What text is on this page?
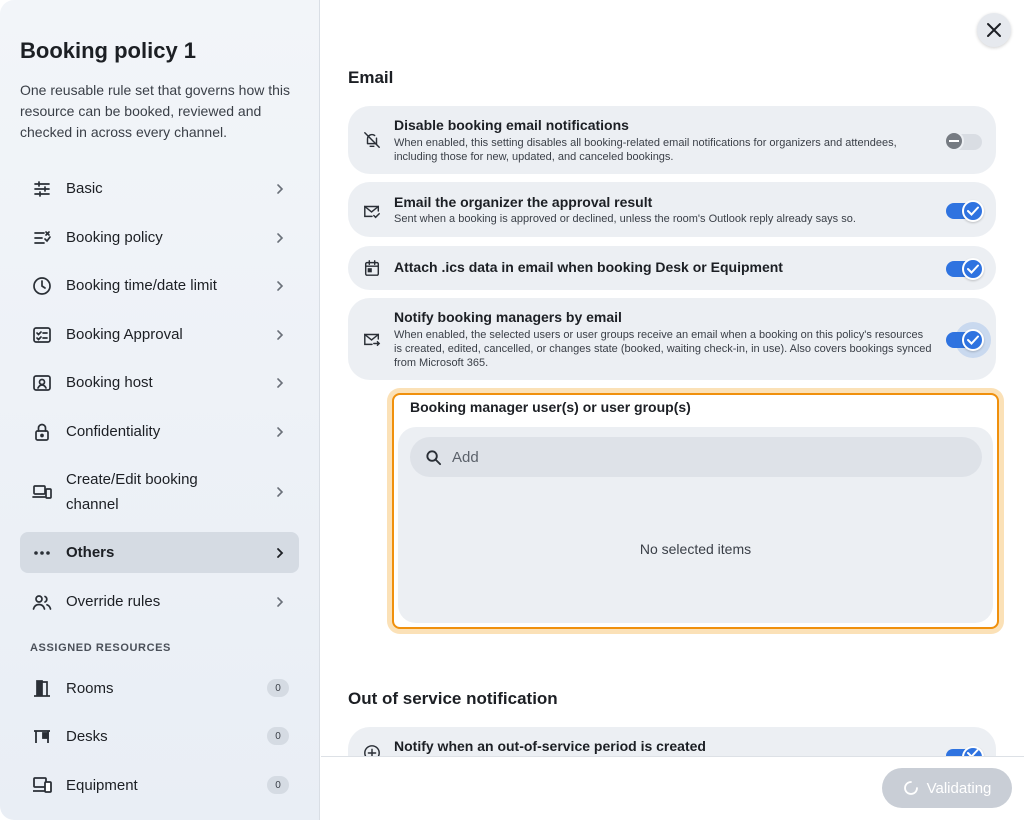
Booking policy 1
One reusable rule set that governs how this resource can be booked, reviewed and checked in across every channel.
Basic
Booking policy
Booking time/date limit
Booking Approval
Booking host
Confidentiality
Create/Edit booking channel
Others
Override rules
ASSIGNED RESOURCES
Rooms	0
Desks	0
Equipment	0
Email
Disable booking email notifications
When enabled, this setting disables all booking-related email notifications for organizers and attendees, including those for new, updated, and canceled bookings.
Email the organizer the approval result
Sent when a booking is approved or declined, unless the room's Outlook reply already says so.
Attach .ics data in email when booking Desk or Equipment
Notify booking managers by email
When enabled, the selected users or user groups receive an email when a booking on this policy's resources is created, edited, cancelled, or changes state (booked, waiting check-in, in use). Also covers bookings synced from Microsoft 365.
Booking manager user(s) or user group(s)
Add
No selected items
Out of service notification
Notify when an out-of-service period is created
Validating
